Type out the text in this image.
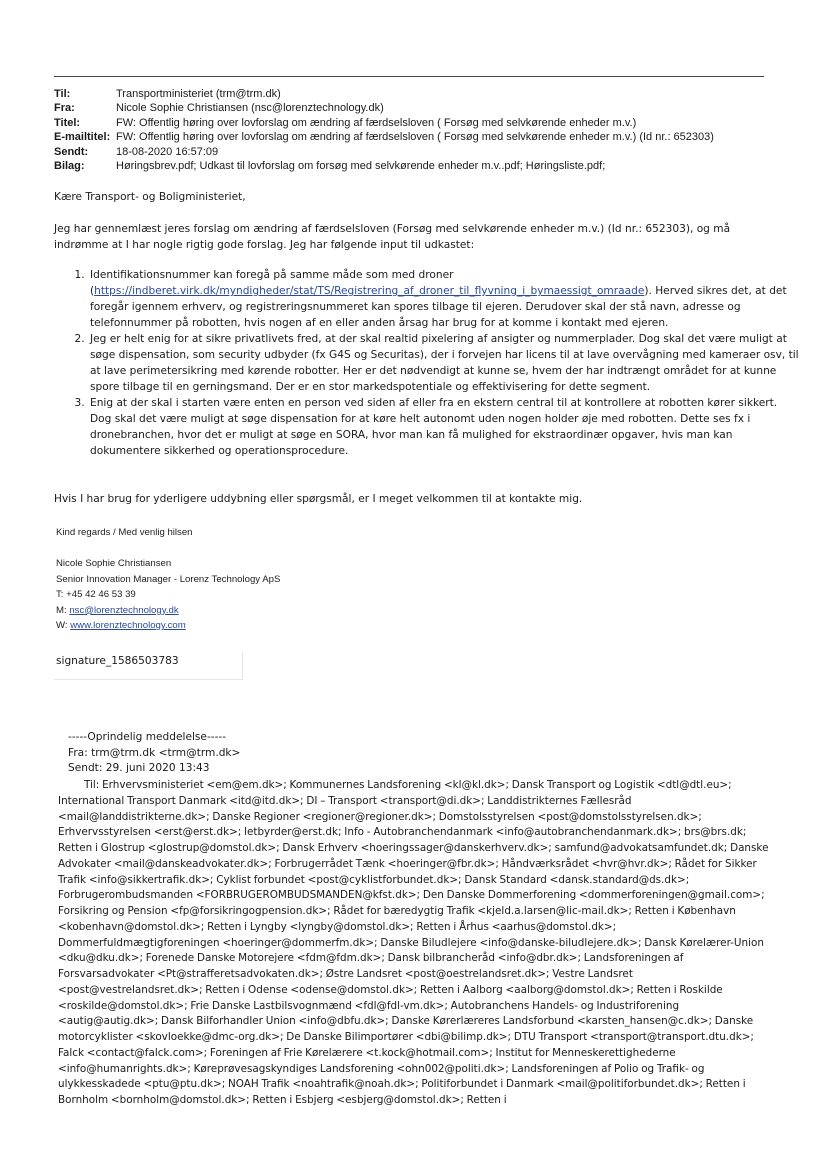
Til:	Transportministeriet (trm@trm.dk)
Fra:	Nicole Sophie Christiansen (nsc@lorenztechnology.dk)
Titel:	FW: Offentlig høring over lovforslag om ændring af færdselsloven ( Forsøg med selvkørende enheder m.v.)
E-mailtitel: FW: Offentlig høring over lovforslag om ændring af færdselsloven ( Forsøg med selvkørende enheder m.v.) (Id nr.: 652303)
Sendt:	18-08-2020 16:57:09
Bilag:	Høringsbrev.pdf; Udkast til lovforslag om forsøg med selvkørende enheder m.v..pdf; Høringsliste.pdf;
Kære Transport- og Boligministeriet,
Jeg har gennemlæst jeres forslag om ændring af færdselsloven (Forsøg med selvkørende enheder m.v.) (Id nr.: 652303), og må indrømme at I har nogle rigtig gode forslag. Jeg har følgende input til udkastet:
1. Identifikationsnummer kan foregå på samme måde som med droner (https://indberet.virk.dk/myndigheder/stat/TS/Registrering_af_droner_til_flyvning_i_bymaessigt_omraade). Herved sikres det, at det foregår igennem erhverv, og registreringsnummeret kan spores tilbage til ejeren. Derudover skal der stå navn, adresse og telefonnummer på robotten, hvis nogen af en eller anden årsag har brug for at komme i kontakt med ejeren.
2. Jeg er helt enig for at sikre privatlivets fred, at der skal realtid pixelering af ansigter og nummerplader. Dog skal det være muligt at søge dispensation, som security udbyder (fx G4S og Securitas), der i forvejen har licens til at lave overvågning med kameraer osv, til at lave perimetersikring med kørende robotter. Her er det nødvendigt at kunne se, hvem der har indtrængt området for at kunne spore tilbage til en gerningsmand. Der er en stor markedspotentiale og effektivisering for dette segment.
3. Enig at der skal i starten være enten en person ved siden af eller fra en ekstern central til at kontrollere at robotten kører sikkert. Dog skal det være muligt at søge dispensation for at køre helt autonomt uden nogen holder øje med robotten. Dette ses fx i dronebranchen, hvor det er muligt at søge en SORA, hvor man kan få mulighed for ekstraordinær opgaver, hvis man kan dokumentere sikkerhed og operationsprocedure.
Hvis I har brug for yderligere uddybning eller spørgsmål, er I meget velkommen til at kontakte mig.
Kind regards / Med venlig hilsen
Nicole Sophie Christiansen
Senior Innovation Manager - Lorenz Technology ApS
T: +45 42 46 53 39
M: nsc@lorenztechnology.dk
W: www.lorenztechnology.com
signature_1586503783
-----Oprindelig meddelelse-----
Fra: trm@trm.dk <trm@trm.dk>
Sendt: 29. juni 2020 13:43
Til: Erhvervsministeriet <em@em.dk>; Kommunernes Landsforening <kl@kl.dk>; Dansk Transport og Logistik <dtl@dtl.eu>; International Transport Danmark <itd@itd.dk>; DI – Transport <transport@di.dk>; Landdistrikternes Fællesråd <mail@landdistrikterne.dk>; Danske Regioner <regioner@regioner.dk>; Domstolsstyrelsen <post@domstolsstyrelsen.dk>; Erhvervsstyrelsen <erst@erst.dk>; letbyrder@erst.dk; Info - Autobranchendanmark <info@autobranchendanmark.dk>; brs@brs.dk; Retten i Glostrup <glostrup@domstol.dk>; Dansk Erhverv <hoeringssager@danskerhverv.dk>; samfund@advokatsamfundet.dk; Danske Advokater <mail@danskeadvokater.dk>; Forbrugerrådet Tænk <hoeringer@fbr.dk>; Håndværksrådet <hvr@hvr.dk>; Rådet for Sikker Trafik <info@sikkertrafik.dk>; Cyklist forbundet <post@cyklistforbundet.dk>; Dansk Standard <dansk.standard@ds.dk>; Forbrugerombudsmanden <FORBRUGEROMBUDSMANDEN@kfst.dk>; Den Danske Dommerforening <dommerforeningen@gmail.com>; Forsikring og Pension <fp@forsikringogpension.dk>; Rådet for bæredygtig Trafik <kjeld.a.larsen@lic-mail.dk>; Retten i København <kobenhavn@domstol.dk>; Retten i Lyngby <lyngby@domstol.dk>; Retten i Århus <aarhus@domstol.dk>; Dommerfuldmægtigforeningen <hoeringer@dommerfm.dk>; Danske Biludlejere <info@danske-biludlejere.dk>; Dansk Kørelærer-Union <dku@dku.dk>; Forenede Danske Motorejere <fdm@fdm.dk>; Dansk bilbrancheråd <info@dbr.dk>; Landsforeningen af Forsvarsadvokater <Pt@strafferetsadvokaten.dk>; Østre Landsret <post@oestrelandsret.dk>; Vestre Landsret <post@vestrelandsret.dk>; Retten i Odense <odense@domstol.dk>; Retten i Aalborg <aalborg@domstol.dk>; Retten i Roskilde <roskilde@domstol.dk>; Frie Danske Lastbilsvognmænd <fdl@fdl-vm.dk>; Autobranchens Handels- og Industriforening <autig@autig.dk>; Dansk Bilforhandler Union <info@dbfu.dk>; Danske Kørerlæreres Landsforbund <karsten_hansen@c.dk>; Danske motorcyklister <skovloekke@dmc-org.dk>; De Danske Bilimportører <dbi@bilimp.dk>; DTU Transport <transport@transport.dtu.dk>; Falck <contact@falck.com>; Foreningen af Frie Kørelærere <t.kock@hotmail.com>; Institut for Menneskerettighederne <info@humanrights.dk>; Køreprøvesagskyndiges Landsforening <ohn002@politi.dk>; Landsforeningen af Polio og Trafik- og ulykkesskadede <ptu@ptu.dk>; NOAH Trafik <noahtrafik@noah.dk>; Politiforbundet i Danmark <mail@politiforbundet.dk>; Retten i Bornholm <bornholm@domstol.dk>; Retten i Esbjerg <esbjerg@domstol.dk>; Retten i
